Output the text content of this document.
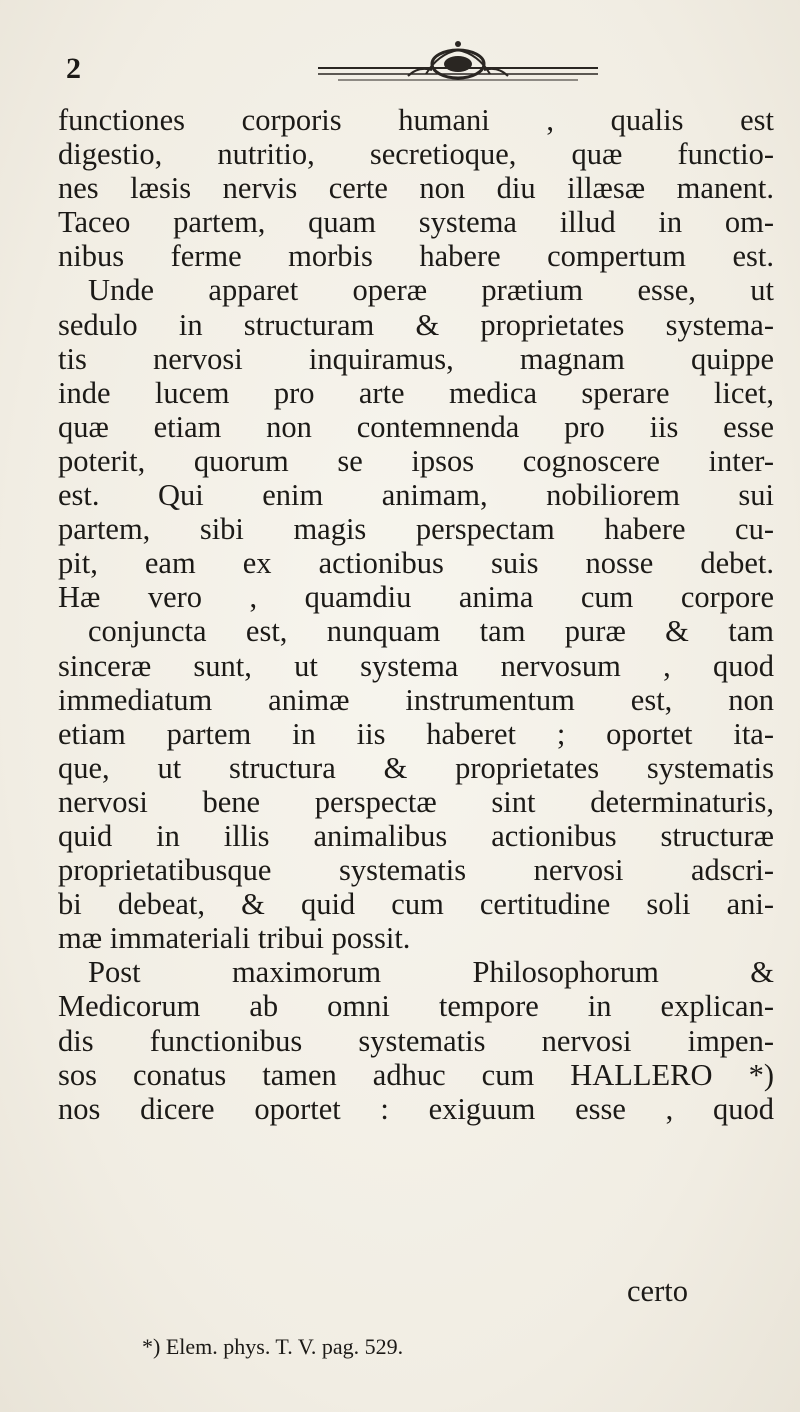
2
functiones corporis humani , qualis est
digestio, nutritio, secretioque, quæ functio-
nes læsis nervis certe non diu illæsæ manent.
Taceo partem, quam systema illud in om-
nibus ferme morbis habere compertum est.
Unde apparet operæ prætium esse, ut
sedulo in structuram & proprietates systema-
tis nervosi inquiramus, magnam quippe
inde lucem pro arte medica sperare licet,
quæ etiam non contemnenda pro iis esse
poterit, quorum se ipsos cognoscere inter-
est. Qui enim animam, nobiliorem sui
partem, sibi magis perspectam habere cu-
pit, eam ex actionibus suis nosse debet.
Hæ vero , quamdiu anima cum corpore
conjuncta est, nunquam tam puræ & tam
sinceræ sunt, ut systema nervosum , quod
immediatum animæ instrumentum est, non
etiam partem in iis haberet ; oportet ita-
que, ut structura & proprietates systematis
nervosi bene perspectæ sint determinaturis,
quid in illis animalibus actionibus structuræ
proprietatibusque systematis nervosi adscri-
bi debeat, & quid cum certitudine soli ani-
mæ immateriali tribui possit.
Post maximorum Philosophorum &
Medicorum ab omni tempore in explican-
dis functionibus systematis nervosi impen-
sos conatus tamen adhuc cum HALLERO *)
nos dicere oportet : exiguum esse , quod
certo
*) Elem. phys. T. V. pag. 529.
